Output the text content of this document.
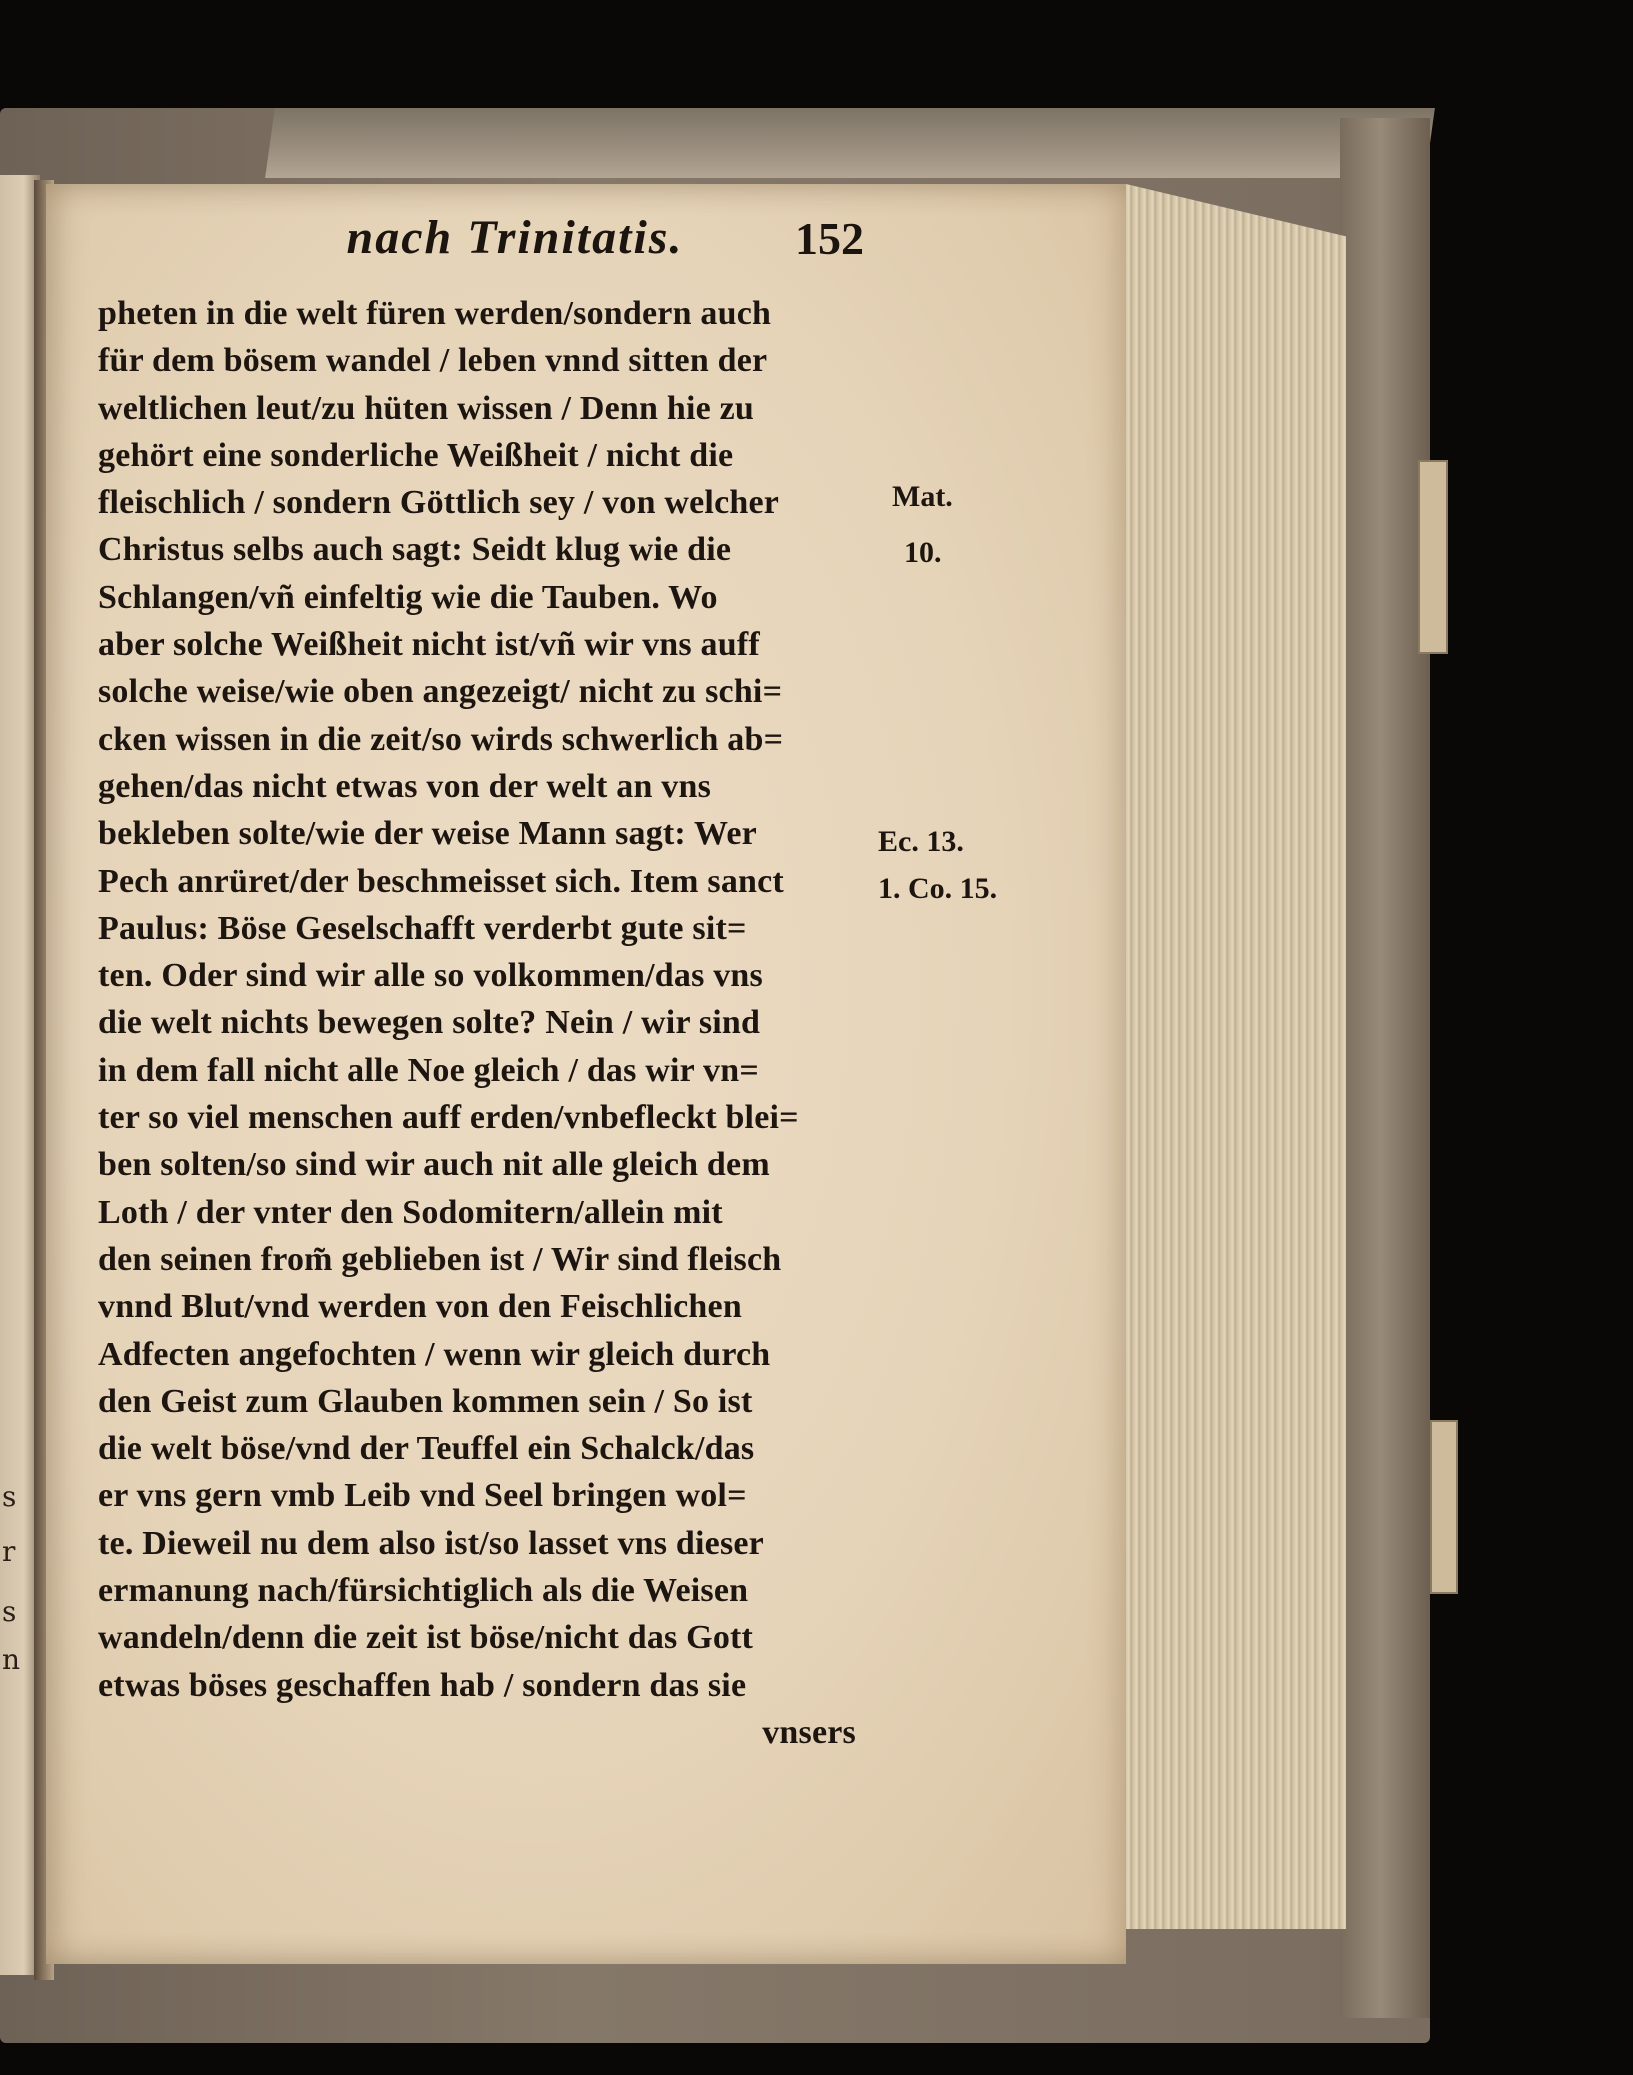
s
r
s
n
nach Trinitatis.	152
pheten in die welt füren werden/sondern auch
für dem bösem wandel / leben vnnd sitten der
weltlichen leut/zu hüten wissen / Denn hie zu
gehört eine sonderliche Weißheit / nicht die
fleischlich / sondern Göttlich sey / von welcher
Christus selbs auch sagt: Seidt klug wie die
Schlangen/vñ einfeltig wie die Tauben. Wo
aber solche Weißheit nicht ist/vñ wir vns auff
solche weise/wie oben angezeigt/ nicht zu schi=
cken wissen in die zeit/so wirds schwerlich ab=
gehen/das nicht etwas von der welt an vns
bekleben solte/wie der weise Mann sagt: Wer
Pech anrüret/der beschmeisset sich. Item sanct
Paulus: Böse Geselschafft verderbt gute sit=
ten. Oder sind wir alle so volkommen/das vns
die welt nichts bewegen solte? Nein / wir sind
in dem fall nicht alle Noe gleich / das wir vn=
ter so viel menschen auff erden/vnbefleckt blei=
ben solten/so sind wir auch nit alle gleich dem
Loth / der vnter den Sodomitern/allein mit
den seinen from̃ geblieben ist / Wir sind fleisch
vnnd Blut/vnd werden von den Feischlichen
Adfecten angefochten / wenn wir gleich durch
den Geist zum Glauben kommen sein / So ist
die welt böse/vnd der Teuffel ein Schalck/das
er vns gern vmb Leib vnd Seel bringen wol=
te. Dieweil nu dem also ist/so lasset vns dieser
ermanung nach/fürsichtiglich als die Weisen
wandeln/denn die zeit ist böse/nicht das Gott
etwas böses geschaffen hab / sondern das sie
vnsers
Mat.
10.
Ec. 13.
1. Co. 15.
